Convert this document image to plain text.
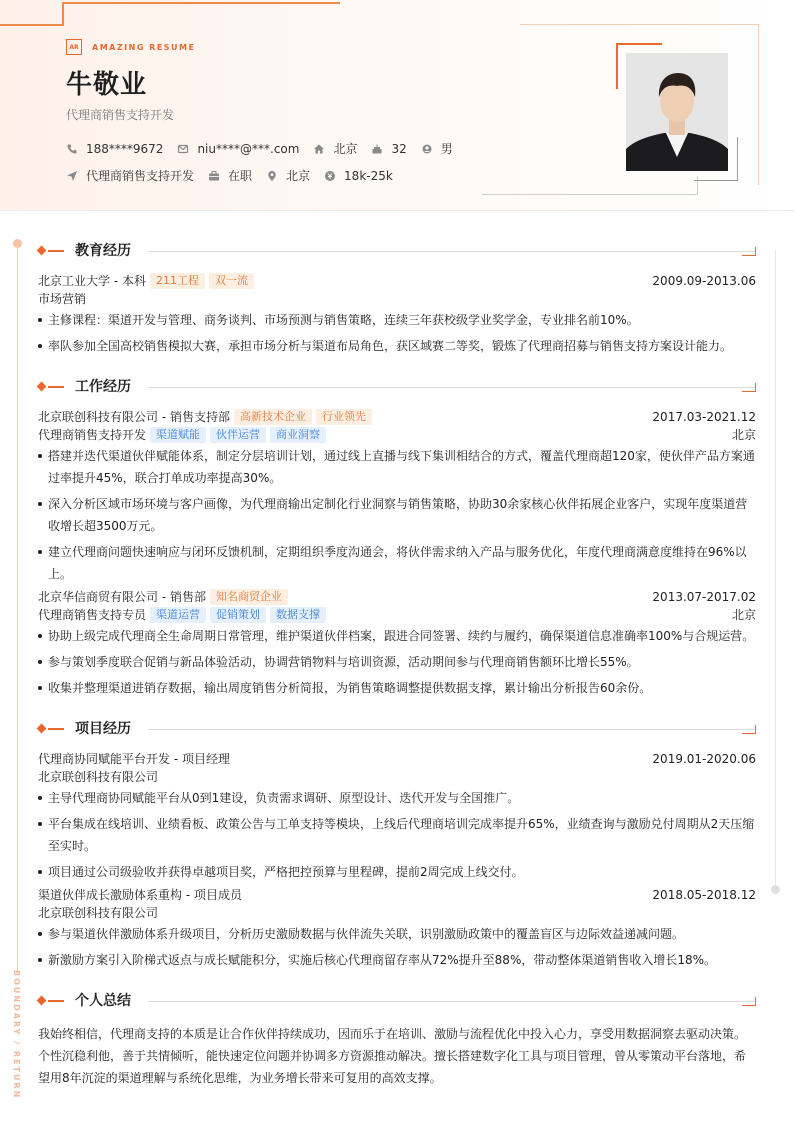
AR	AMAZING RESUME
牛敬业
代理商销售支持开发
188****9672	niu****@***.com	北京	32	男
代理商销售支持开发	在职	北京	18k-25k
BOUNDARY / RETURN
教育经历
北京工业大学 - 本科 211工程	双一流	2009.09-2013.06
市场营销
主修课程：渠道开发与管理、商务谈判、市场预测与销售策略，连续三年获校级学业奖学金，专业排名前10%。
率队参加全国高校销售模拟大赛，承担市场分析与渠道布局角色，获区域赛二等奖，锻炼了代理商招募与销售支持方案设计能力。
工作经历
北京联创科技有限公司 - 销售支持部 高新技术企业	行业领先	2017.03-2021.12
代理商销售支持开发 渠道赋能	伙伴运营	商业洞察	北京
搭建并迭代渠道伙伴赋能体系，制定分层培训计划，通过线上直播与线下集训相结合的方式，覆盖代理商超120家，使伙伴产品方案通过率提升45%，联合打单成功率提高30%。
深入分析区域市场环境与客户画像，为代理商输出定制化行业洞察与销售策略，协助30余家核心伙伴拓展企业客户，实现年度渠道营收增长超3500万元。
建立代理商问题快速响应与闭环反馈机制，定期组织季度沟通会，将伙伴需求纳入产品与服务优化，年度代理商满意度维持在96%以上。
北京华信商贸有限公司 - 销售部 知名商贸企业	2013.07-2017.02
代理商销售支持专员 渠道运营	促销策划	数据支撑	北京
协助上级完成代理商全生命周期日常管理，维护渠道伙伴档案，跟进合同签署、续约与履约，确保渠道信息准确率100%与合规运营。
参与策划季度联合促销与新品体验活动，协调营销物料与培训资源，活动期间参与代理商销售额环比增长55%。
收集并整理渠道进销存数据，输出周度销售分析简报，为销售策略调整提供数据支撑，累计输出分析报告60余份。
项目经历
代理商协同赋能平台开发 - 项目经理	2019.01-2020.06
北京联创科技有限公司
主导代理商协同赋能平台从0到1建设，负责需求调研、原型设计、迭代开发与全国推广。
平台集成在线培训、业绩看板、政策公告与工单支持等模块，上线后代理商培训完成率提升65%，业绩查询与激励兑付周期从2天压缩至实时。
项目通过公司级验收并获得卓越项目奖，严格把控预算与里程碑，提前2周完成上线交付。
渠道伙伴成长激励体系重构 - 项目成员	2018.05-2018.12
北京联创科技有限公司
参与渠道伙伴激励体系升级项目，分析历史激励数据与伙伴流失关联，识别激励政策中的覆盖盲区与边际效益递减问题。
新激励方案引入阶梯式返点与成长赋能积分，实施后核心代理商留存率从72%提升至88%，带动整体渠道销售收入增长18%。
个人总结
我始终相信，代理商支持的本质是让合作伙伴持续成功，因而乐于在培训、激励与流程优化中投入心力，享受用数据洞察去驱动决策。个性沉稳利他，善于共情倾听，能快速定位问题并协调多方资源推动解决。擅长搭建数字化工具与项目管理，曾从零策动平台落地，希望用8年沉淀的渠道理解与系统化思维，为业务增长带来可复用的高效支撑。
